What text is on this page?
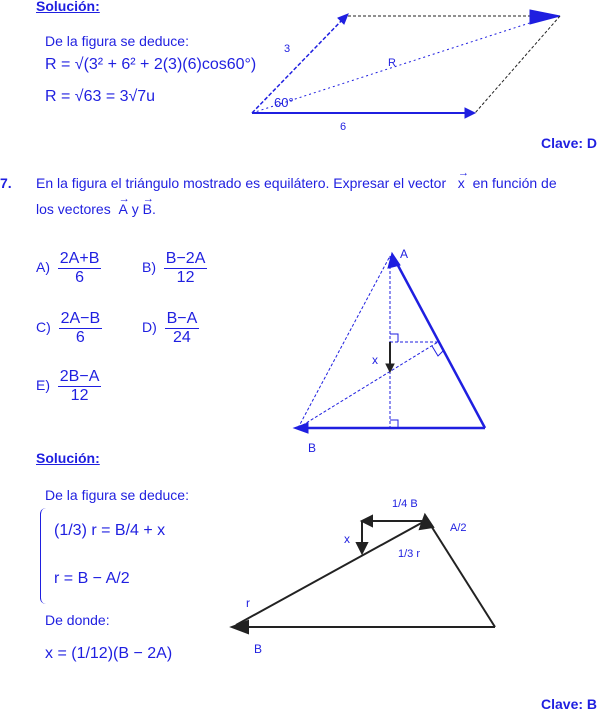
Solución:
De la figura se deduce:
R = √(3² + 6² + 2(3)(6)cos60°)
R = √63 = 3√7u
3
6
R
60°
Clave: D
7. En la figura el triángulo mostrado es equilátero. Expresar el vector → x en función de
los vectores → A y → B.
$A) \frac{2A+B}{6}$	$B) \frac{B-2A}{12}$
$C) \frac{2A-B}{6}$	$D) \frac{B-A}{24}$
$E) \frac{2B-A}{12}$
A
B
x
Solución:
De la figura se deduce:
(1/3) r = B/4 + x
r = B − A/2
De donde:
x = (1/12)(B − 2A)
1/4 B
A/2
1/3 r
x
r
B
Clave: B
